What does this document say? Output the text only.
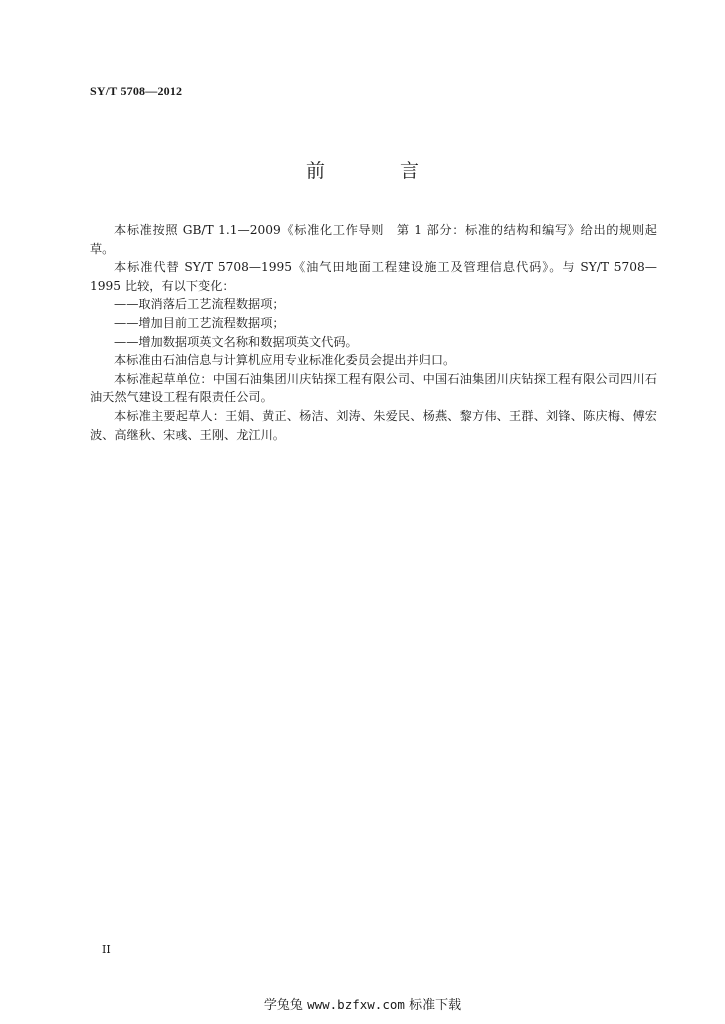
SY/T 5708—2012
前　言

本标准按照 GB/T 1.1—2009《标准化工作导则　第 1 部分：标准的结构和编写》给出的规则起草。

本标准代替 SY/T 5708—1995《油气田地面工程建设施工及管理信息代码》。与 SY/T 5708—1995 比较，有以下变化：

——取消落后工艺流程数据项；

——增加目前工艺流程数据项；

——增加数据项英文名称和数据项英文代码。

本标准由石油信息与计算机应用专业标准化委员会提出并归口。

本标准起草单位：中国石油集团川庆钻探工程有限公司、中国石油集团川庆钻探工程有限公司四川石油天然气建设工程有限责任公司。

本标准主要起草人：王娟、黄正、杨洁、刘涛、朱爱民、杨燕、黎方伟、王群、刘锋、陈庆梅、傅宏波、高继秋、宋彧、王刚、龙江川。

II
学兔兔 www.bzfxw.com 标准下载
